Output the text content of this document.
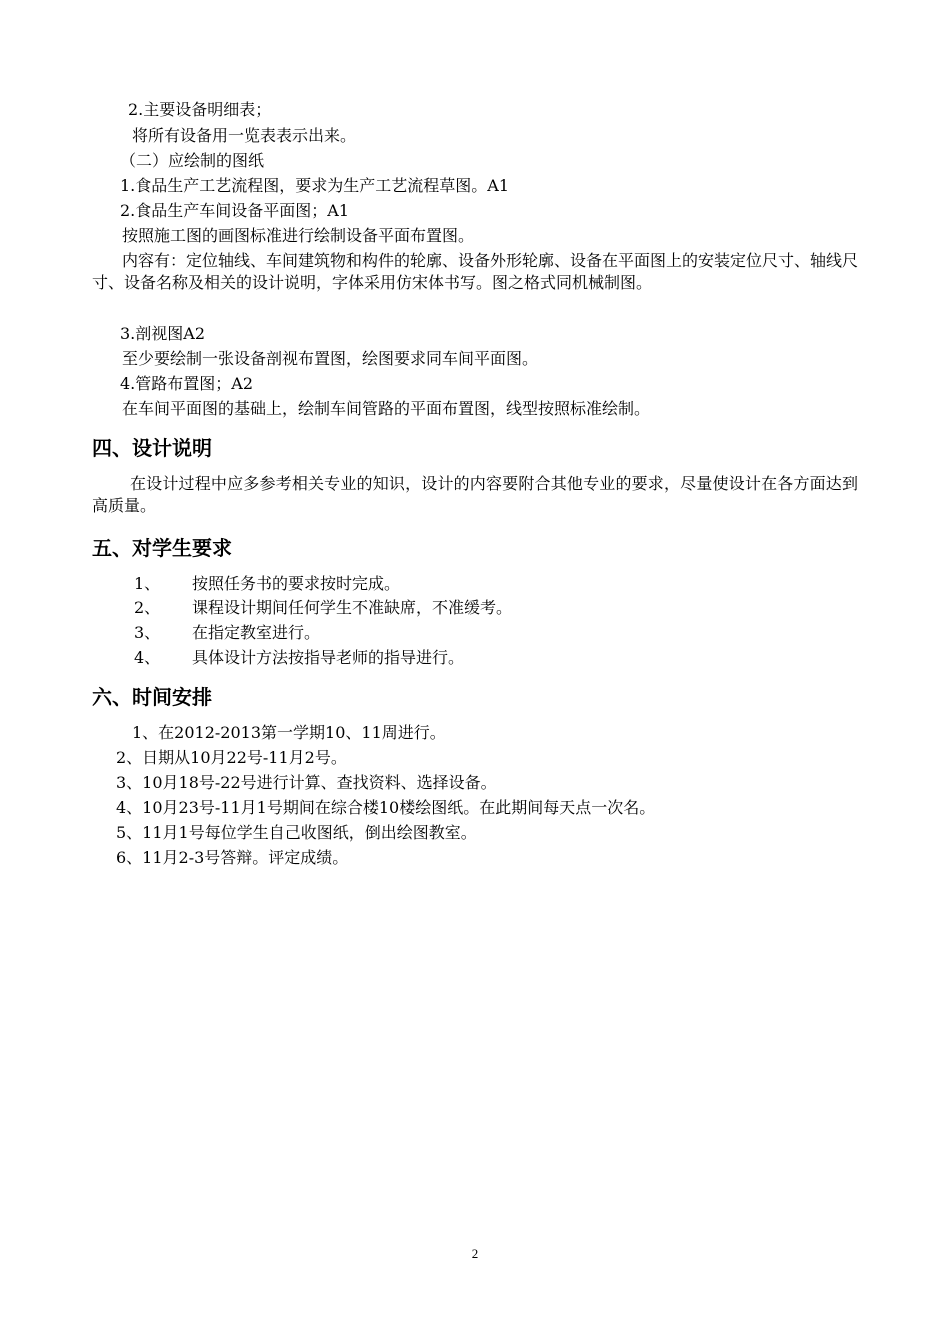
2.主要设备明细表；
将所有设备用一览表表示出来。
（二）应绘制的图纸
1.食品生产工艺流程图，要求为生产工艺流程草图。A1
2.食品生产车间设备平面图；A1
按照施工图的画图标准进行绘制设备平面布置图。
内容有：定位轴线、车间建筑物和构件的轮廓、设备外形轮廓、设备在平面图上的安装定位尺寸、轴线尺寸、设备名称及相关的设计说明，字体采用仿宋体书写。图之格式同机械制图。
3.剖视图A2
至少要绘制一张设备剖视布置图，绘图要求同车间平面图。
4.管路布置图；A2
在车间平面图的基础上，绘制车间管路的平面布置图，线型按照标准绘制。
四、设计说明
在设计过程中应多参考相关专业的知识，设计的内容要附合其他专业的要求，尽量使设计在各方面达到高质量。
五、对学生要求
1、 按照任务书的要求按时完成。
2、 课程设计期间任何学生不准缺席，不准缓考。
3、 在指定教室进行。
4、 具体设计方法按指导老师的指导进行。
六、时间安排
1、在2012-2013第一学期10、11周进行。
2、日期从10月22号-11月2号。
3、10月18号-22号进行计算、查找资料、选择设备。
4、10月23号-11月1号期间在综合楼10楼绘图纸。在此期间每天点一次名。
5、11月1号每位学生自己收图纸，倒出绘图教室。
6、11月2-3号答辩。评定成绩。
2
